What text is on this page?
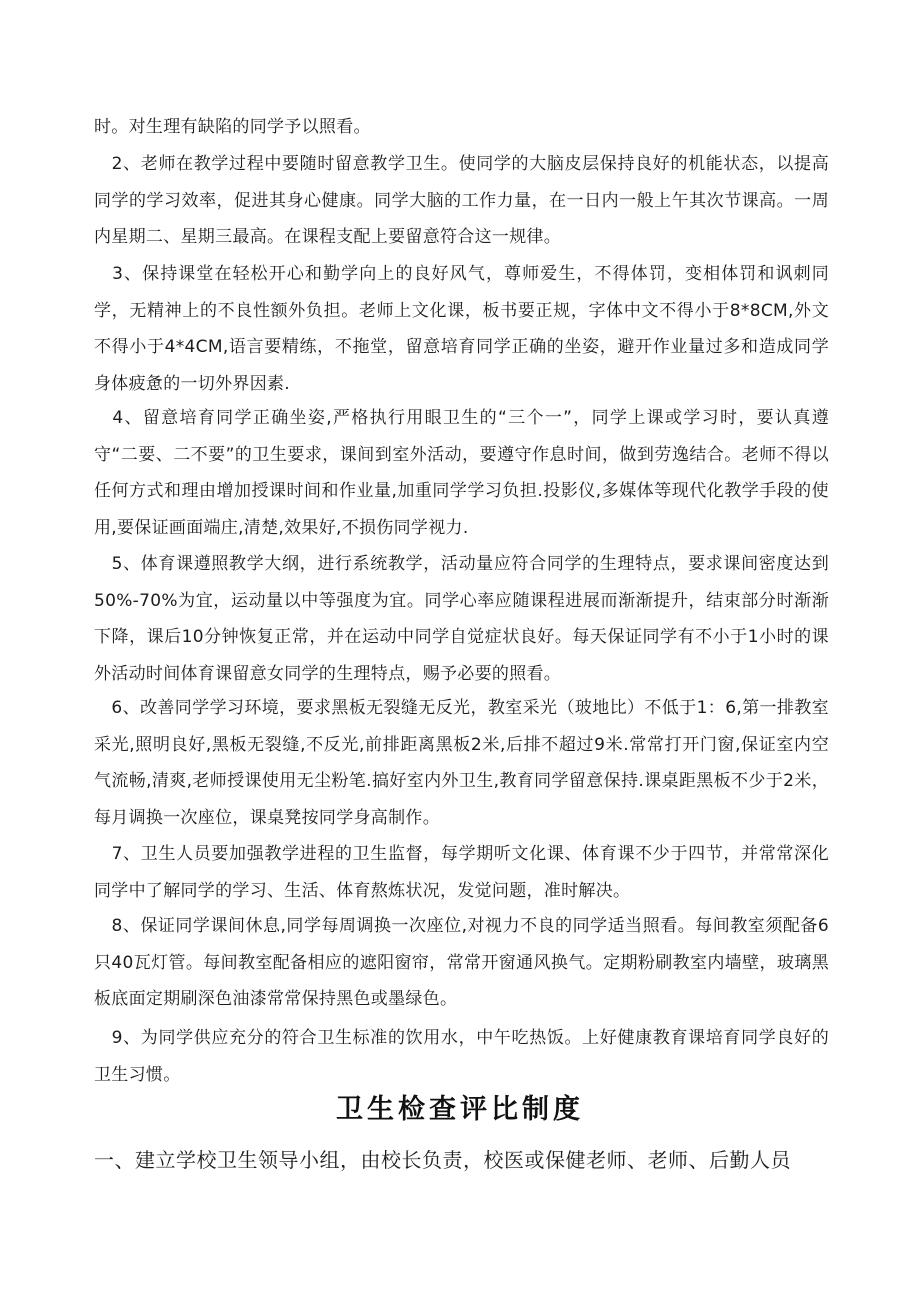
时。对生理有缺陷的同学予以照看。

　2、老师在教学过程中要随时留意教学卫生。使同学的大脑皮层保持良好的机能状态，以提高同学的学习效率，促进其身心健康。同学大脑的工作力量，在一日内一般上午其次节课高。一周内星期二、星期三最高。在课程支配上要留意符合这一规律。

　3、保持课堂在轻松开心和勤学向上的良好风气，尊师爱生，不得体罚，变相体罚和讽刺同学，无精神上的不良性额外负担。老师上文化课，板书要正规，字体中文不得小于8*8CM,外文不得小于4*4CM,语言要精练，不拖堂，留意培育同学正确的坐姿，避开作业量过多和造成同学身体疲惫的一切外界因素.

　4、留意培育同学正确坐姿,严格执行用眼卫生的“三个一”，同学上课或学习时，要认真遵守“二要、二不要”的卫生要求，课间到室外活动，要遵守作息时间，做到劳逸结合。老师不得以任何方式和理由增加授课时间和作业量,加重同学学习负担.投影仪,多媒体等现代化教学手段的使用,要保证画面端庄,清楚,效果好,不损伤同学视力.

　5、体育课遵照教学大纲，进行系统教学，活动量应符合同学的生理特点，要求课间密度达到50%-70%为宜，运动量以中等强度为宜。同学心率应随课程进展而渐渐提升，结束部分时渐渐下降，课后10分钟恢复正常，并在运动中同学自觉症状良好。每天保证同学有不小于1小时的课外活动时间体育课留意女同学的生理特点，赐予必要的照看。

　6、改善同学学习环境，要求黑板无裂缝无反光，教室采光（玻地比）不低于1：6,第一排教室采光,照明良好,黑板无裂缝,不反光,前排距离黑板2米,后排不超过9米.常常打开门窗,保证室内空气流畅,清爽,老师授课使用无尘粉笔.搞好室内外卫生,教育同学留意保持.课桌距黑板不少于2米，每月调换一次座位，课桌凳按同学身高制作。

　7、卫生人员要加强教学进程的卫生监督，每学期听文化课、体育课不少于四节，并常常深化同学中了解同学的学习、生活、体育熬炼状况，发觉问题，准时解决。

　8、保证同学课间休息,同学每周调换一次座位,对视力不良的同学适当照看。每间教室须配备6只40瓦灯管。每间教室配备相应的遮阳窗帘，常常开窗通风换气。定期粉刷教室内墙壁，玻璃黑板底面定期刷深色油漆常常保持黑色或墨绿色。

　9、为同学供应充分的符合卫生标准的饮用水，中午吃热饭。上好健康教育课培育同学良好的卫生习惯。

卫生检查评比制度

一、建立学校卫生领导小组，由校长负责，校医或保健老师、老师、后勤人员
